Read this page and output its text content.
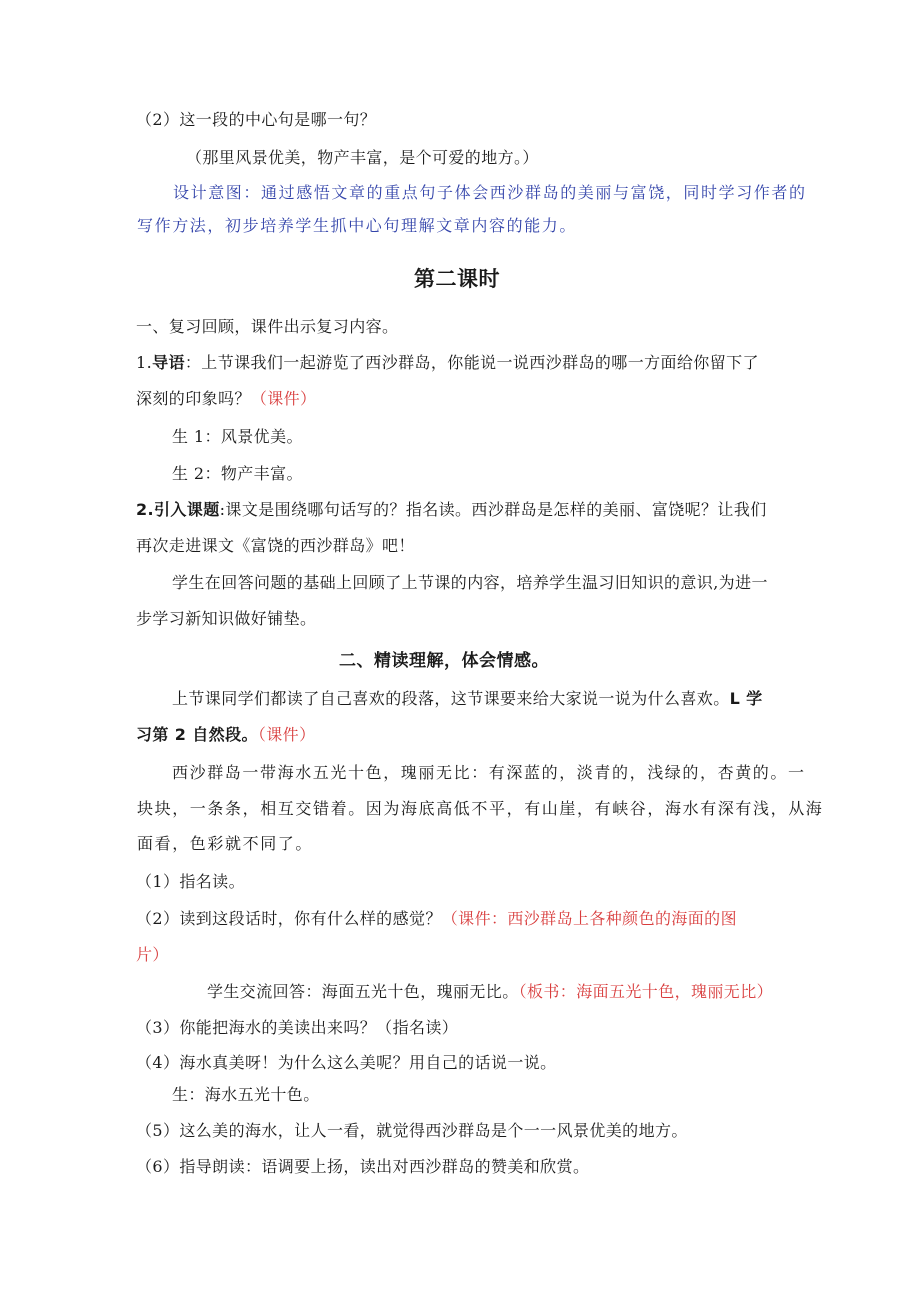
（2）这一段的中心句是哪一句？
（那里风景优美，物产丰富，是个可爱的地方。）
设计意图：通过感悟文章的重点句子体会西沙群岛的美丽与富饶，同时学习作者的
写作方法，初步培养学生抓中心句理解文章内容的能力。
第二课时
一、复习回顾，课件出示复习内容。
1.导语：上节课我们一起游览了西沙群岛，你能说一说西沙群岛的哪一方面给你留下了
深刻的印象吗？（课件）
生 1：风景优美。
生 2：物产丰富。
2.引入课题:课文是围绕哪句话写的？指名读。西沙群岛是怎样的美丽、富饶呢？让我们
再次走进课文《富饶的西沙群岛》吧！
学生在回答问题的基础上回顾了上节课的内容，培养学生温习旧知识的意识,为进一
步学习新知识做好铺垫。
二、精读理解，体会情感。
上节课同学们都读了自己喜欢的段落，这节课要来给大家说一说为什么喜欢。L 学
习第 2 自然段。（课件）
西沙群岛一带海水五光十色，瑰丽无比：有深蓝的，淡青的，浅绿的，杏黄的。一
块块，一条条，相互交错着。因为海底高低不平，有山崖，有峡谷，海水有深有浅，从海
面看，色彩就不同了。
（1）指名读。
（2）读到这段话时，你有什么样的感觉？（课件：西沙群岛上各种颜色的海面的图
片）
学生交流回答：海面五光十色，瑰丽无比。（板书：海面五光十色，瑰丽无比）
（3）你能把海水的美读出来吗？（指名读）
（4）海水真美呀！为什么这么美呢？用自己的话说一说。
生：海水五光十色。
（5）这么美的海水，让人一看，就觉得西沙群岛是个一一风景优美的地方。
（6）指导朗读：语调要上扬，读出对西沙群岛的赞美和欣赏。
